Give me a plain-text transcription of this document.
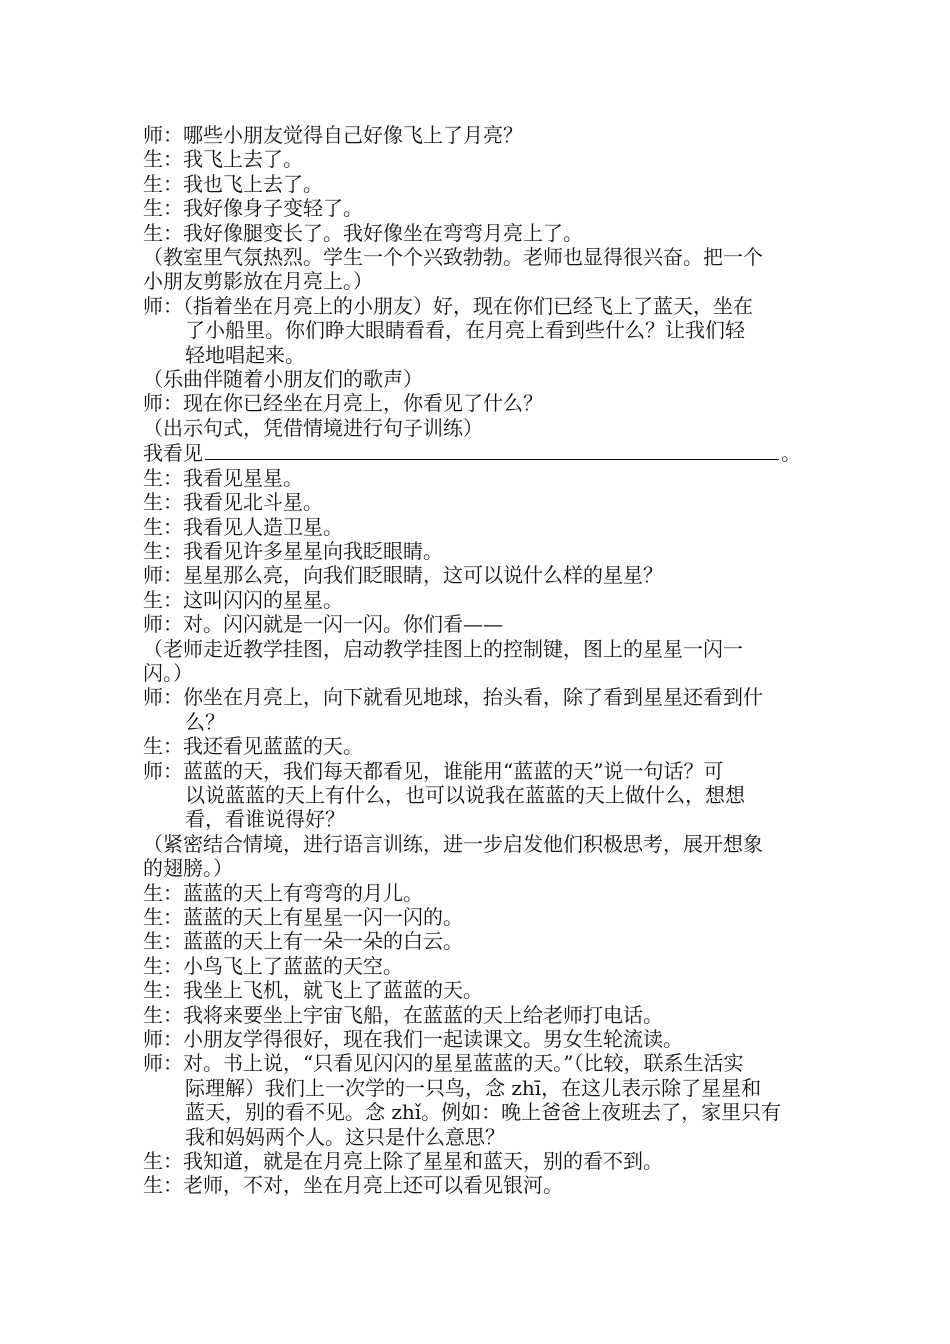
师：哪些小朋友觉得自己好像飞上了月亮？

生：我飞上去了。

生：我也飞上去了。

生：我好像身子变轻了。

生：我好像腿变长了。我好像坐在弯弯月亮上了。

（教室里气氛热烈。学生一个个兴致勃勃。老师也显得很兴奋。把一个
小朋友剪影放在月亮上。）

师：（指着坐在月亮上的小朋友）好，现在你们已经飞上了蓝天，坐在
了小船里。你们睁大眼睛看看，在月亮上看到些什么？让我们轻
轻地唱起来。

（乐曲伴随着小朋友们的歌声）

师：现在你已经坐在月亮上，你看见了什么？

（出示句式，凭借情境进行句子训练）

我看见	。

生：我看见星星。

生：我看见北斗星。

生：我看见人造卫星。

生：我看见许多星星向我眨眼睛。

师：星星那么亮，向我们眨眼睛，这可以说什么样的星星？

生：这叫闪闪的星星。

师：对。闪闪就是一闪一闪。你们看——

（老师走近教学挂图，启动教学挂图上的控制键，图上的星星一闪一
闪。）

师：你坐在月亮上，向下就看见地球，抬头看，除了看到星星还看到什
么？

生：我还看见蓝蓝的天。

师：蓝蓝的天，我们每天都看见，谁能用“蓝蓝的天”说一句话？可
以说蓝蓝的天上有什么，也可以说我在蓝蓝的天上做什么，想想
看，看谁说得好？

（紧密结合情境，进行语言训练，进一步启发他们积极思考，展开想象
的翅膀。）

生：蓝蓝的天上有弯弯的月儿。

生：蓝蓝的天上有星星一闪一闪的。

生：蓝蓝的天上有一朵一朵的白云。

生：小鸟飞上了蓝蓝的天空。

生：我坐上飞机，就飞上了蓝蓝的天。

生：我将来要坐上宇宙飞船，在蓝蓝的天上给老师打电话。

师：小朋友学得很好，现在我们一起读课文。男女生轮流读。

师：对。书上说，“只看见闪闪的星星蓝蓝的天。”（比较，联系生活实
际理解）我们上一次学的一只鸟，念 zhī，在这儿表示除了星星和
蓝天，别的看不见。念 zhǐ。例如：晚上爸爸上夜班去了，家里只有
我和妈妈两个人。这只是什么意思？

生：我知道，就是在月亮上除了星星和蓝天，别的看不到。

生：老师，不对，坐在月亮上还可以看见银河。
